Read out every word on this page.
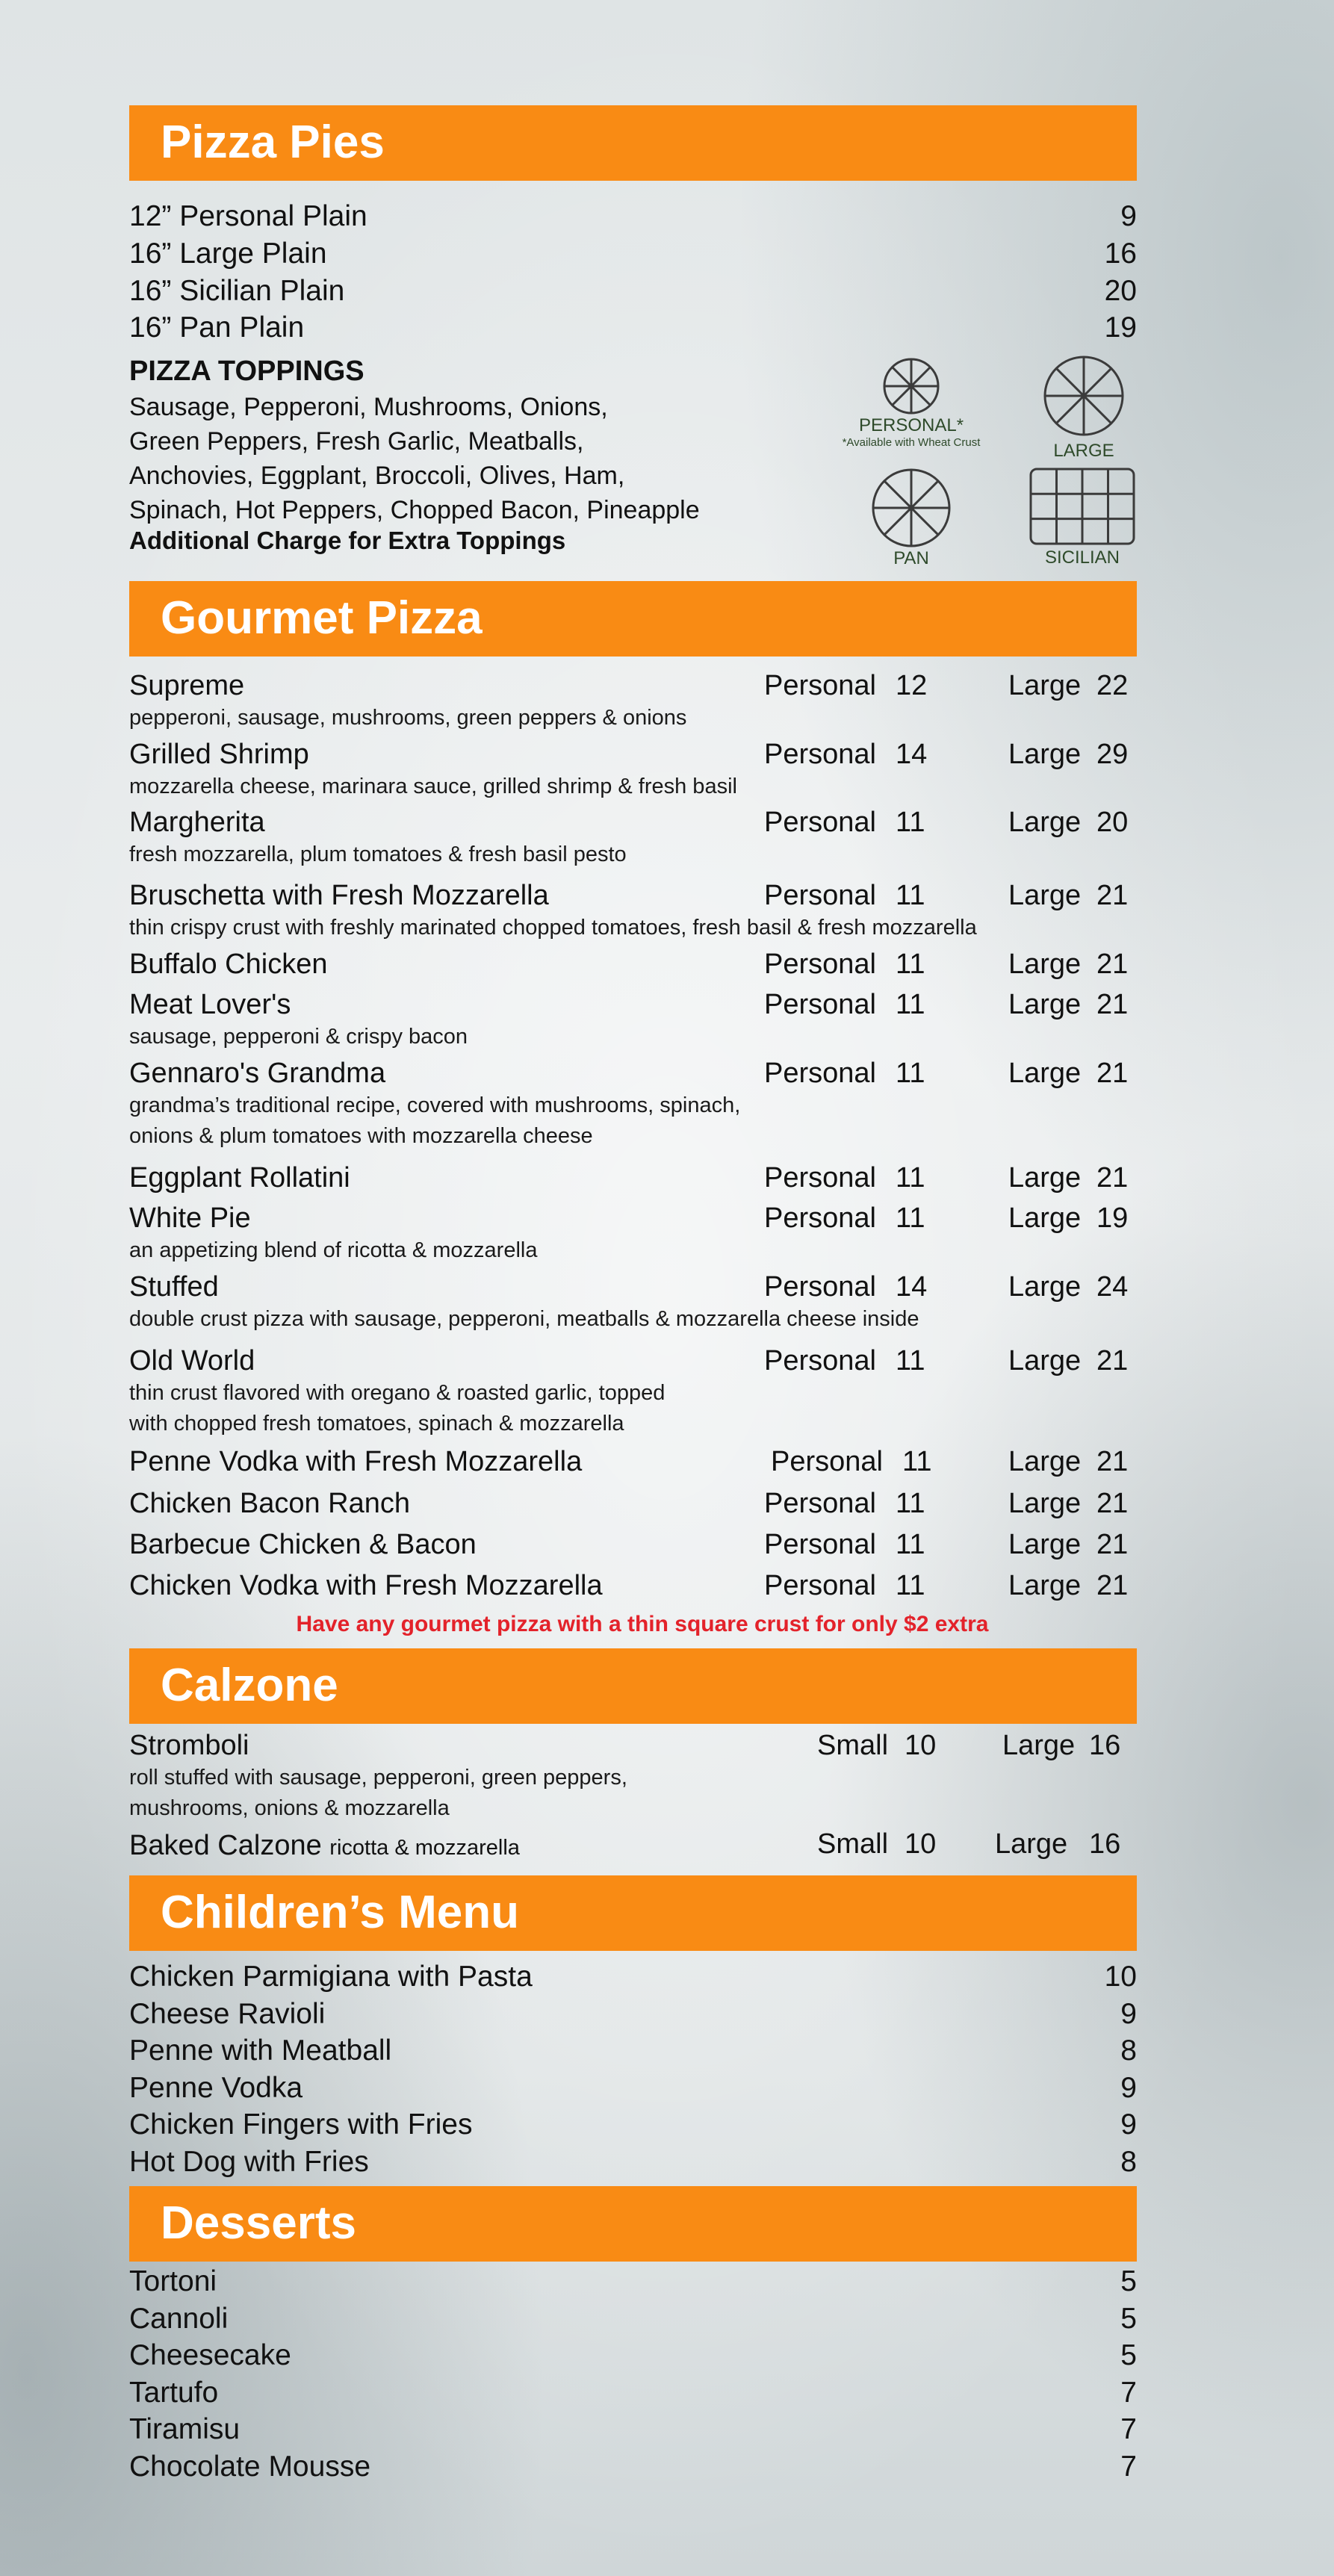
Pizza Pies
12” Personal Plain	9
16” Large Plain	16
16” Sicilian Plain	20
16” Pan Plain	19
PIZZA TOPPINGS
Sausage, Pepperoni, Mushrooms, Onions,
Green Peppers, Fresh Garlic, Meatballs,
Anchovies, Eggplant, Broccoli, Olives, Ham,
Spinach, Hot Peppers, Chopped Bacon, Pineapple
Additional Charge for Extra Toppings
PERSONAL*
*Available with Wheat Crust	LARGE
PAN	SICILIAN
Gourmet Pizza
Supreme	Personal 12	Large 22
pepperoni, sausage, mushrooms, green peppers & onions
Grilled Shrimp	Personal 14	Large 29
mozzarella cheese, marinara sauce, grilled shrimp & fresh basil
Margherita	Personal 11	Large 20
fresh mozzarella, plum tomatoes & fresh basil pesto
Bruschetta with Fresh Mozzarella	Personal 11	Large 21
thin crispy crust with freshly marinated chopped tomatoes, fresh basil & fresh mozzarella
Buffalo Chicken	Personal 11	Large 21
Meat Lover's	Personal 11	Large 21
sausage, pepperoni & crispy bacon
Gennaro's Grandma	Personal 11	Large 21
grandma’s traditional recipe, covered with mushrooms, spinach,
onions & plum tomatoes with mozzarella cheese
Eggplant Rollatini	Personal 11	Large 21
White Pie	Personal 11	Large 19
an appetizing blend of ricotta & mozzarella
Stuffed	Personal 14	Large 24
double crust pizza with sausage, pepperoni, meatballs & mozzarella cheese inside
Old World	Personal 11	Large 21
thin crust flavored with oregano & roasted garlic, topped
with chopped fresh tomatoes, spinach & mozzarella
Penne Vodka with Fresh Mozzarella	Personal 11	Large 21
Chicken Bacon Ranch	Personal 11	Large 21
Barbecue Chicken & Bacon	Personal 11	Large 21
Chicken Vodka with Fresh Mozzarella	Personal 11	Large 21
Have any gourmet pizza with a thin square crust for only $2 extra
Calzone
Stromboli	Small 10 Large 16
roll stuffed with sausage, pepperoni, green peppers,
mushrooms, onions & mozzarella
Baked Calzone ricotta & mozzarella	Small 10 Large 16
Children’s Menu
Chicken Parmigiana with Pasta	10
Cheese Ravioli	9
Penne with Meatball	8
Penne Vodka	9
Chicken Fingers with Fries	9
Hot Dog with Fries	8
Desserts
Tortoni	5
Cannoli	5
Cheesecake	5
Tartufo	7
Tiramisu	7
Chocolate Mousse	7
